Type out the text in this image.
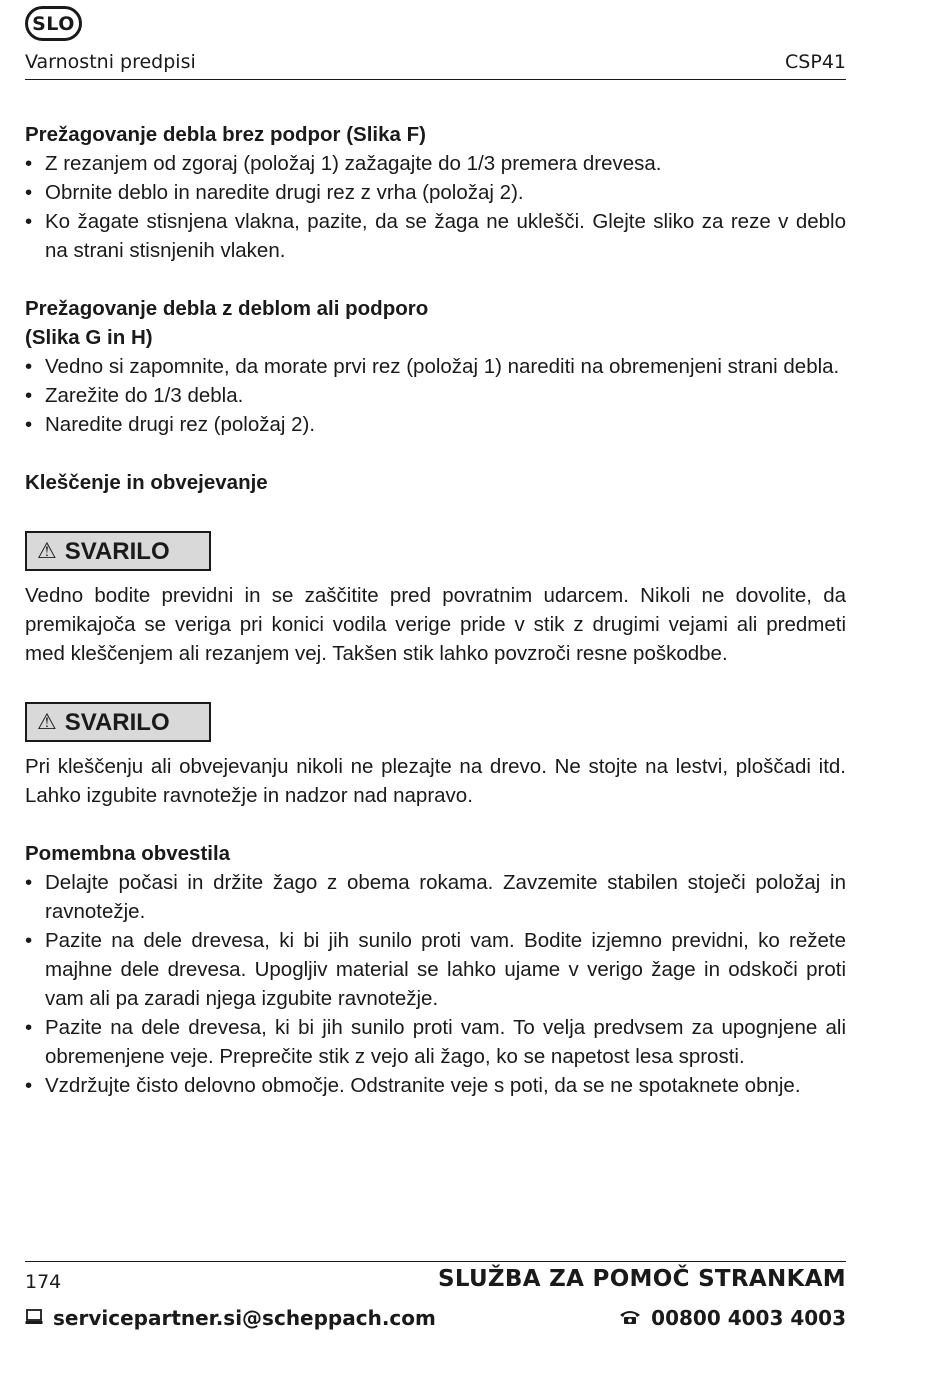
SLO
Varnostni predpisi	CSP41

Prežagovanje debla brez podpor (Slika F)

• Z rezanjem od zgoraj (položaj 1) zažagajte do 1/3 premera drevesa.
• Obrnite deblo in naredite drugi rez z vrha (položaj 2).
• Ko žagate stisnjena vlakna, pazite, da se žaga ne uklešči. Glejte sliko za reze v deblo na strani stisnjenih vlaken.

Prežagovanje debla z deblom ali podporo

(Slika G in H)

• Vedno si zapomnite, da morate prvi rez (položaj 1) narediti na obremenjeni strani debla.
• Zarežite do 1/3 debla.
• Naredite drugi rez (položaj 2).

Kleščenje in obvejevanje

⚠ SVARILO

Vedno bodite previdni in se zaščitite pred povratnim udarcem. Nikoli ne dovolite, da premikajoča se veriga pri konici vodila verige pride v stik z drugimi vejami ali predmeti med kleščenjem ali rezanjem vej. Takšen stik lahko povzroči resne poškodbe.

⚠ SVARILO

Pri kleščenju ali obvejevanju nikoli ne plezajte na drevo. Ne stojte na lestvi, ploščadi itd. Lahko izgubite ravnotežje in nadzor nad napravo.

Pomembna obvestila

• Delajte počasi in držite žago z obema rokama. Zavzemite stabilen stoječi položaj in ravnotežje.
• Pazite na dele drevesa, ki bi jih sunilo proti vam. Bodite izjemno previdni, ko režete majhne dele drevesa. Upogljiv material se lahko ujame v verigo žage in odskoči proti vam ali pa zaradi njega izgubite ravnotežje.
• Pazite na dele drevesa, ki bi jih sunilo proti vam. To velja predvsem za upognjene ali obremenjene veje. Preprečite stik z vejo ali žago, ko se napetost lesa sprosti.
• Vzdržujte čisto delovno območje. Odstranite veje s poti, da se ne spotaknete obnje.
174	SLUŽBA ZA POMOČ STRANKAM
servicepartner.si@scheppach.com	00800 4003 4003
